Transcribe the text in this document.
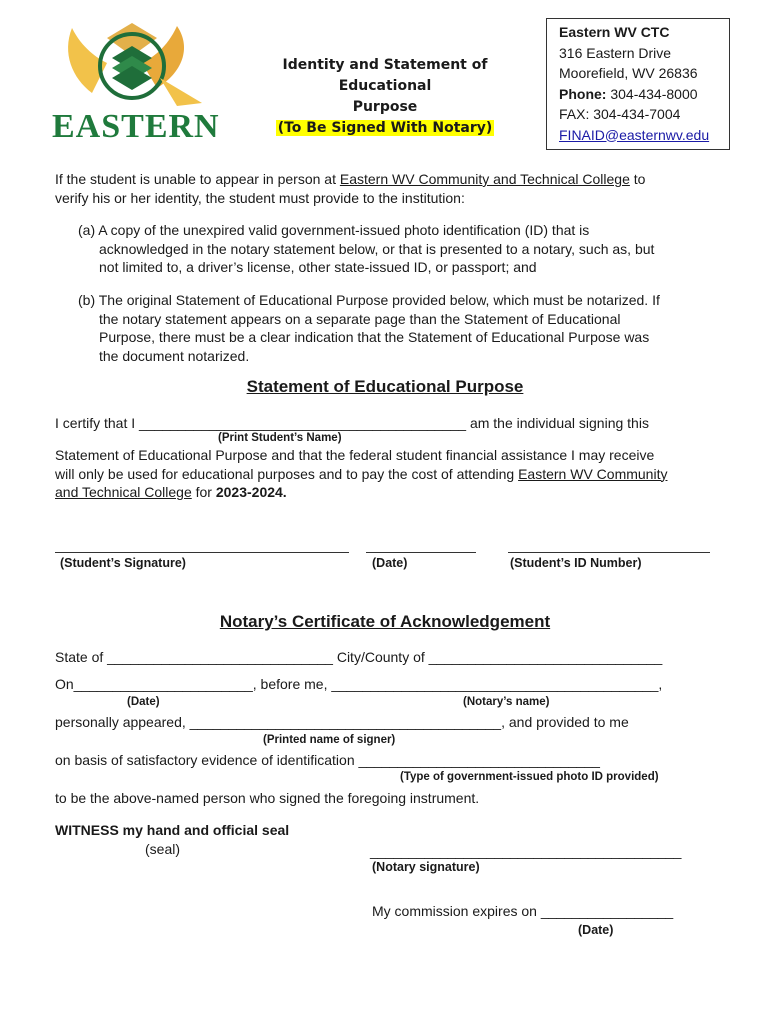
EASTERN
Identity and Statement of Educational
Purpose
(To Be Signed With Notary)
Eastern WV CTC
316 Eastern Drive
Moorefield, WV 26836
Phone: 304-434-8000
FAX: 304-434-7004
FINAID@easternwv.edu
If the student is unable to appear in person at Eastern WV Community and Technical College to
verify his or her identity, the student must provide to the institution:
(a) A copy of the unexpired valid government-issued photo identification (ID) that is
acknowledged in the notary statement below, or that is presented to a notary, such as, but
not limited to, a driver’s license, other state-issued ID, or passport; and
(b) The original Statement of Educational Purpose provided below, which must be notarized. If
the notary statement appears on a separate page than the Statement of Educational
Purpose, there must be a clear indication that the Statement of Educational Purpose was
the document notarized.
Statement of Educational Purpose
I certify that I __________________________________________ am the individual signing this
(Print Student’s Name)
Statement of Educational Purpose and that the federal student financial assistance I may receive
will only be used for educational purposes and to pay the cost of attending Eastern WV Community
and Technical College for 2023-2024.
(Student’s Signature)	(Date)	(Student’s ID Number)
Notary’s Certificate of Acknowledgement
State of _____________________________ City/County of ______________________________
On_______________________, before me, __________________________________________,
(Date)	(Notary’s name)
personally appeared, ________________________________________, and provided to me
(Printed name of signer)
on basis of satisfactory evidence of identification _______________________________
(Type of government-issued photo ID provided)
to be the above-named person who signed the foregoing instrument.
WITNESS my hand and official seal
(seal)	________________________________________
(Notary signature)
My commission expires on _________________
(Date)
